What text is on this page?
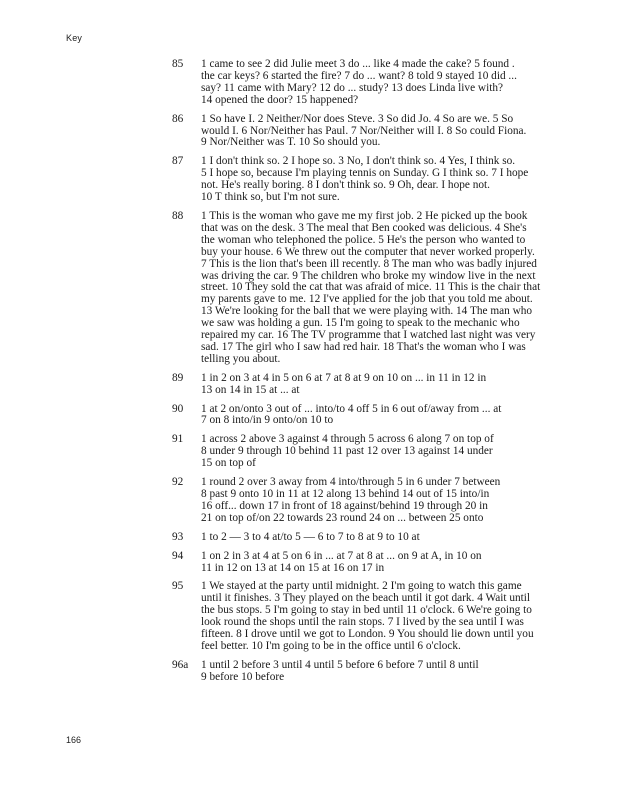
Key
85	1 came to see 2 did Julie meet 3 do ... like 4 made the cake? 5 found .
the car keys? 6 started the fire? 7 do ... want? 8 told 9 stayed 10 did ...
say? 11 came with Mary? 12 do ... study? 13 does Linda live with?
14 opened the door? 15 happened?
86	1 So have I. 2 Neither/Nor does Steve. 3 So did Jo. 4 So are we. 5 So
would I. 6 Nor/Neither has Paul. 7 Nor/Neither will I. 8 So could Fiona.
9 Nor/Neither was T. 10 So should you.
87	1 I don't think so. 2 I hope so. 3 No, I don't think so. 4 Yes, I think so.
5 I hope so, because I'm playing tennis on Sunday. G I think so. 7 I hope
not. He's really boring. 8 I don't think so. 9 Oh, dear. I hope not.
10 T think so, but I'm not sure.
88	1 This is the woman who gave me my first job. 2 He picked up the book
that was on the desk. 3 The meal that Ben cooked was delicious. 4 She's
the woman who telephoned the police. 5 He's the person who wanted to
buy your house. 6 We threw out the computer that never worked properly.
7 This is the lion that's been ill recently. 8 The man who was badly injured
was driving the car. 9 The children who broke my window live in the next
street. 10 They sold the cat that was afraid of mice. 11 This is the chair that
my parents gave to me. 12 I've applied for the job that you told me about.
13 We're looking for the ball that we were playing with. 14 The man who
we saw was holding a gun. 15 I'm going to speak to the mechanic who
repaired my car. 16 The TV programme that I watched last night was very
sad. 17 The girl who I saw had red hair. 18 That's the woman who I was
telling you about.
89	1 in 2 on 3 at 4 in 5 on 6 at 7 at 8 at 9 on 10 on ... in 11 in 12 in
13 on 14 in 15 at ... at
90	1 at 2 on/onto 3 out of ... into/to 4 off 5 in 6 out of/away from ... at
7 on 8 into/in 9 onto/on 10 to
91	1 across 2 above 3 against 4 through 5 across 6 along 7 on top of
8 under 9 through 10 behind 11 past 12 over 13 against 14 under
15 on top of
92	1 round 2 over 3 away from 4 into/through 5 in 6 under 7 between
8 past 9 onto 10 in 11 at 12 along 13 behind 14 out of 15 into/in
16 off... down 17 in front of 18 against/behind 19 through 20 in
21 on top of/on 22 towards 23 round 24 on ... between 25 onto
93	1 to 2 — 3 to 4 at/to 5 — 6 to 7 to 8 at 9 to 10 at
94	1 on 2 in 3 at 4 at 5 on 6 in ... at 7 at 8 at ... on 9 at A, in 10 on
11 in 12 on 13 at 14 on 15 at 16 on 17 in
95	1 We stayed at the party until midnight. 2 I'm going to watch this game
until it finishes. 3 They played on the beach until it got dark. 4 Wait until
the bus stops. 5 I'm going to stay in bed until 11 o'clock. 6 We're going to
look round the shops until the rain stops. 7 I lived by the sea until I was
fifteen. 8 I drove until we got to London. 9 You should lie down until you
feel better. 10 I'm going to be in the office until 6 o'clock.
96a	1 until 2 before 3 until 4 until 5 before 6 before 7 until 8 until
9 before 10 before
166
